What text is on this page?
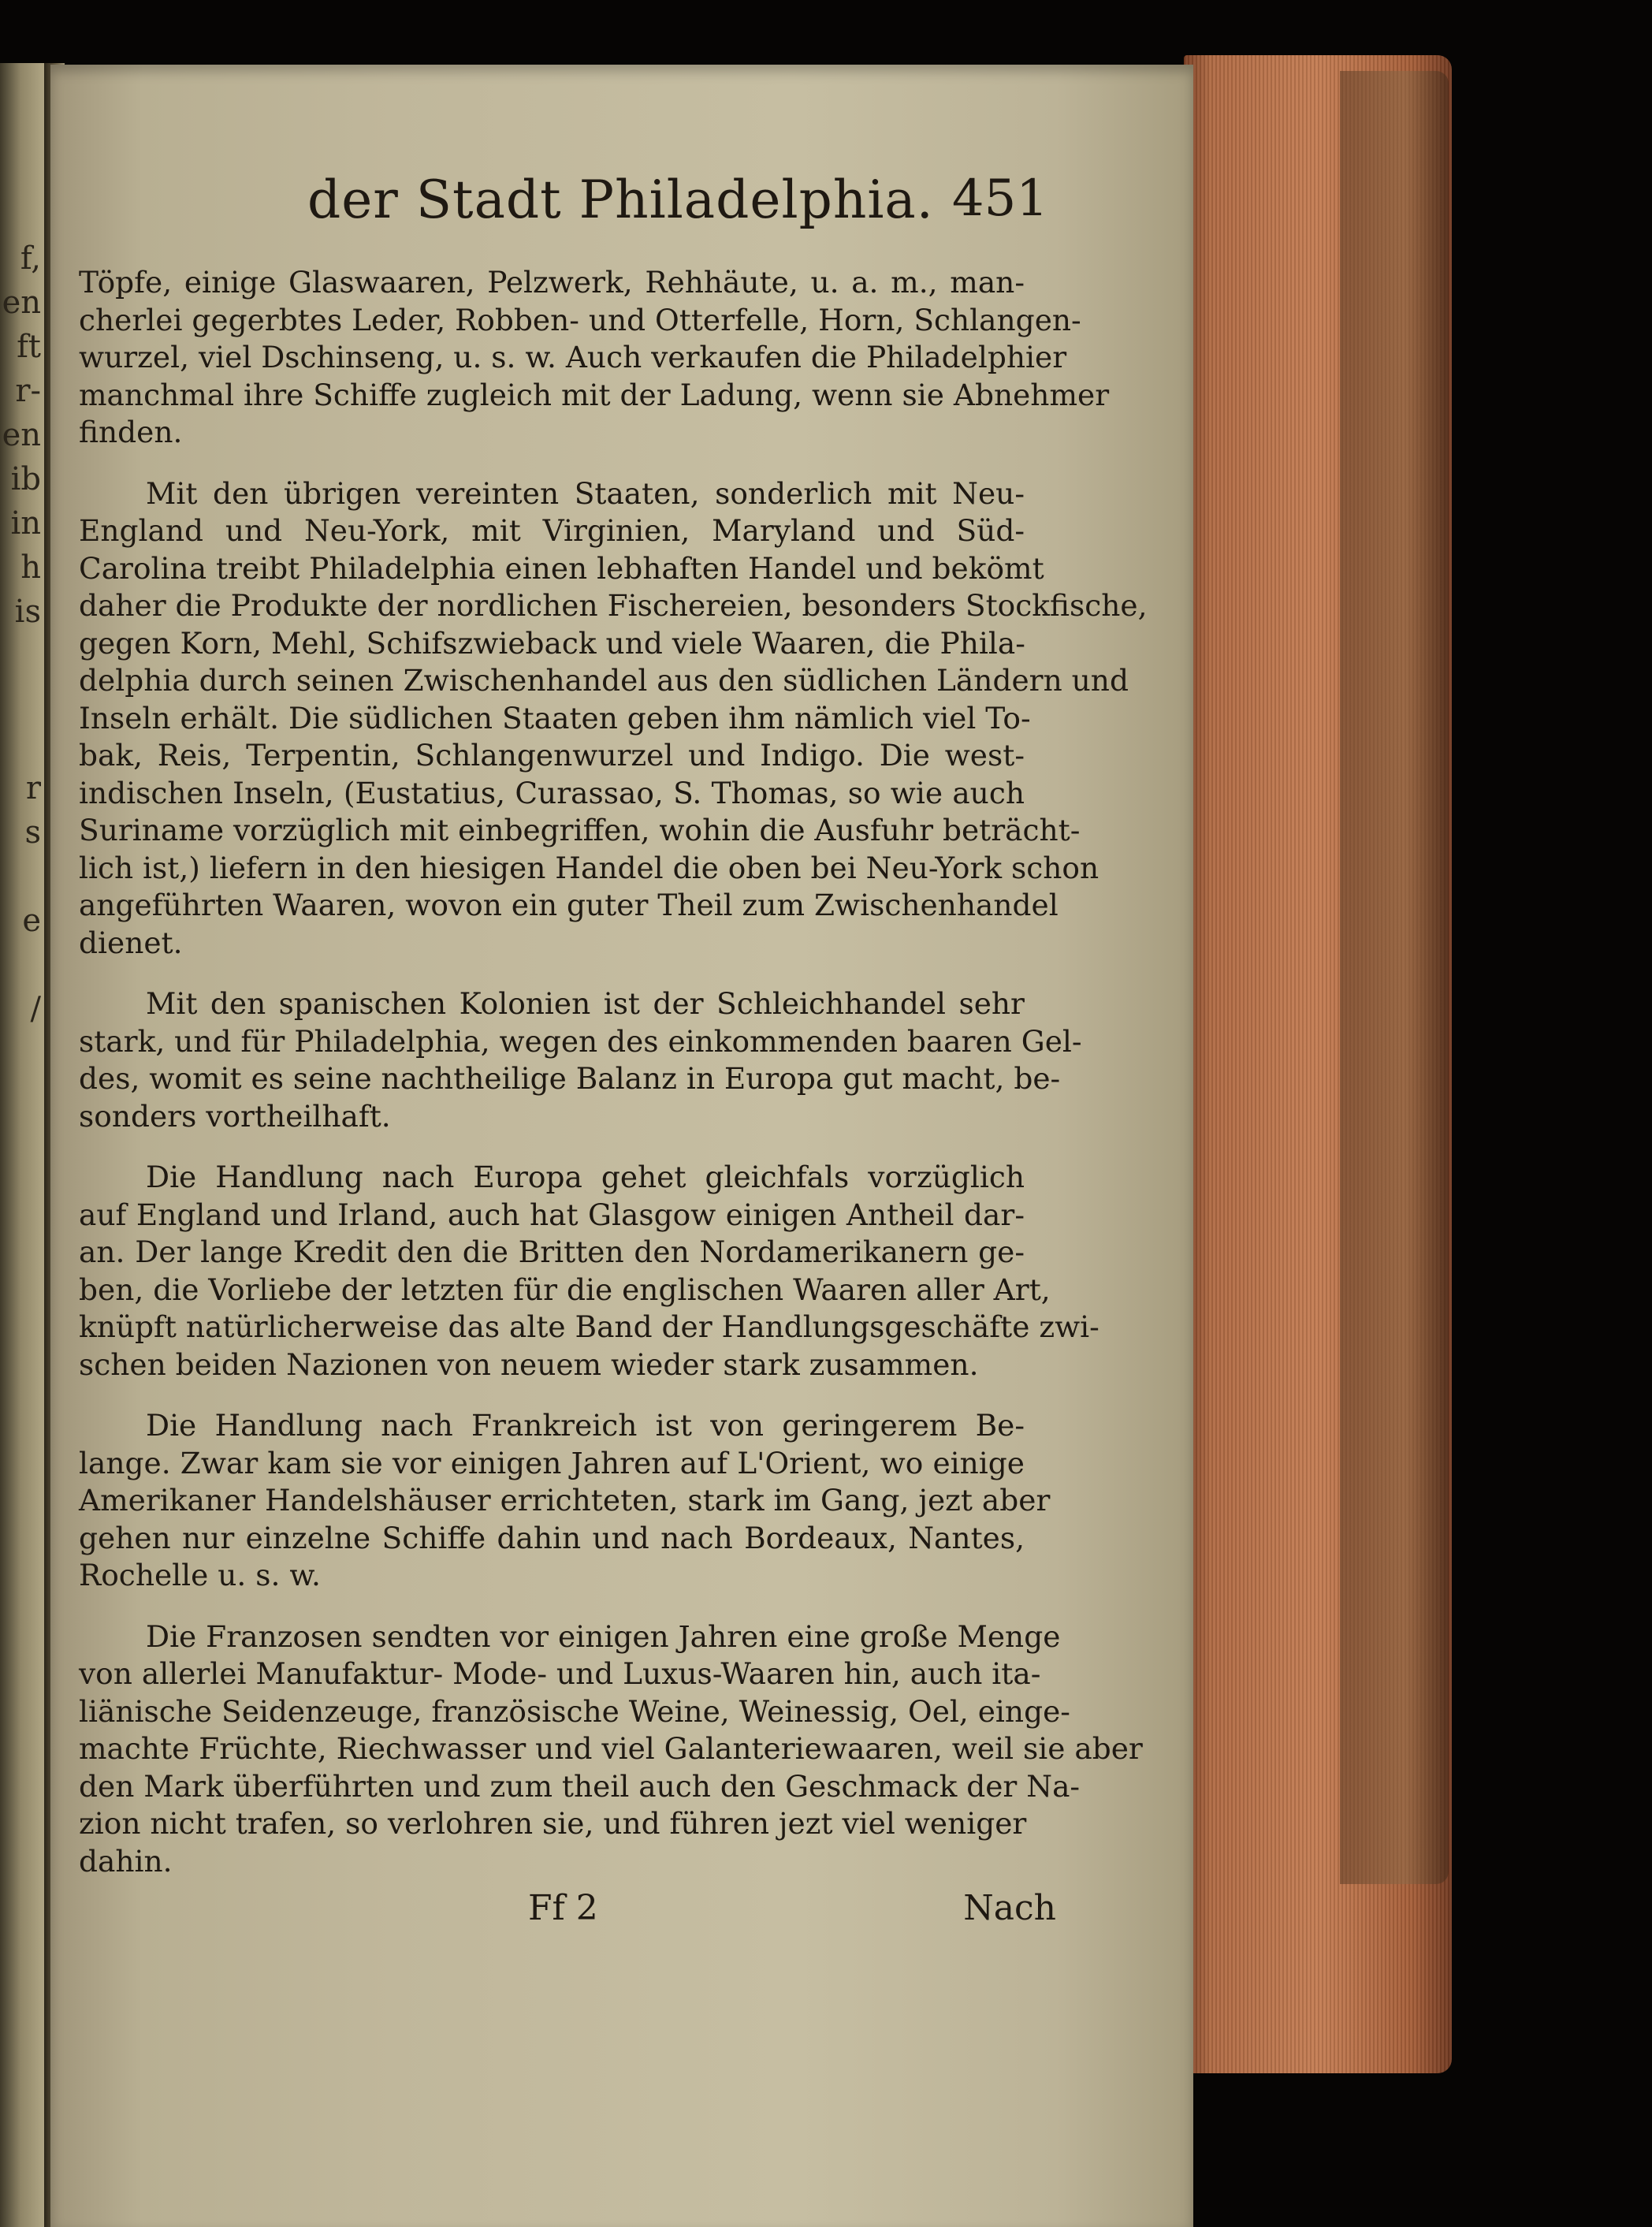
f,
en
ft
r-
en
ib
in
h
is
r
s
e
/
der Stadt Philadelphia. 451
Töpfe, einige Glaswaaren, Pelzwerk, Rehhäute, u. a. m., man-
cherlei gegerbtes Leder, Robben- und Otterfelle, Horn, Schlangen-
wurzel, viel Dschinseng, u. s. w. Auch verkaufen die Philadelphier
manchmal ihre Schiffe zugleich mit der Ladung, wenn sie Abnehmer
finden.
Mit den übrigen vereinten Staaten, sonderlich mit Neu-
England und Neu-York, mit Virginien, Maryland und Süd-
Carolina treibt Philadelphia einen lebhaften Handel und bekömt
daher die Produkte der nordlichen Fischereien, besonders Stockfische,
gegen Korn, Mehl, Schifszwieback und viele Waaren, die Phila-
delphia durch seinen Zwischenhandel aus den südlichen Ländern und
Inseln erhält. Die südlichen Staaten geben ihm nämlich viel To-
bak, Reis, Terpentin, Schlangenwurzel und Indigo. Die west-
indischen Inseln, (Eustatius, Curassao, S. Thomas, so wie auch
Suriname vorzüglich mit einbegriffen, wohin die Ausfuhr beträcht-
lich ist,) liefern in den hiesigen Handel die oben bei Neu-York schon
angeführten Waaren, wovon ein guter Theil zum Zwischenhandel
dienet.
Mit den spanischen Kolonien ist der Schleichhandel sehr
stark, und für Philadelphia, wegen des einkommenden baaren Gel-
des, womit es seine nachtheilige Balanz in Europa gut macht, be-
sonders vortheilhaft.
Die Handlung nach Europa gehet gleichfals vorzüglich
auf England und Irland, auch hat Glasgow einigen Antheil dar-
an. Der lange Kredit den die Britten den Nordamerikanern ge-
ben, die Vorliebe der letzten für die englischen Waaren aller Art,
knüpft natürlicherweise das alte Band der Handlungsgeschäfte zwi-
schen beiden Nazionen von neuem wieder stark zusammen.
Die Handlung nach Frankreich ist von geringerem Be-
lange. Zwar kam sie vor einigen Jahren auf L'Orient, wo einige
Amerikaner Handelshäuser errichteten, stark im Gang, jezt aber
gehen nur einzelne Schiffe dahin und nach Bordeaux, Nantes,
Rochelle u. s. w.
Die Franzosen sendten vor einigen Jahren eine große Menge
von allerlei Manufaktur- Mode- und Luxus-Waaren hin, auch ita-
liänische Seidenzeuge, französische Weine, Weinessig, Oel, einge-
machte Früchte, Riechwasser und viel Galanteriewaaren, weil sie aber
den Mark überführten und zum theil auch den Geschmack der Na-
zion nicht trafen, so verlohren sie, und führen jezt viel weniger
dahin.
Ff 2	Nach
